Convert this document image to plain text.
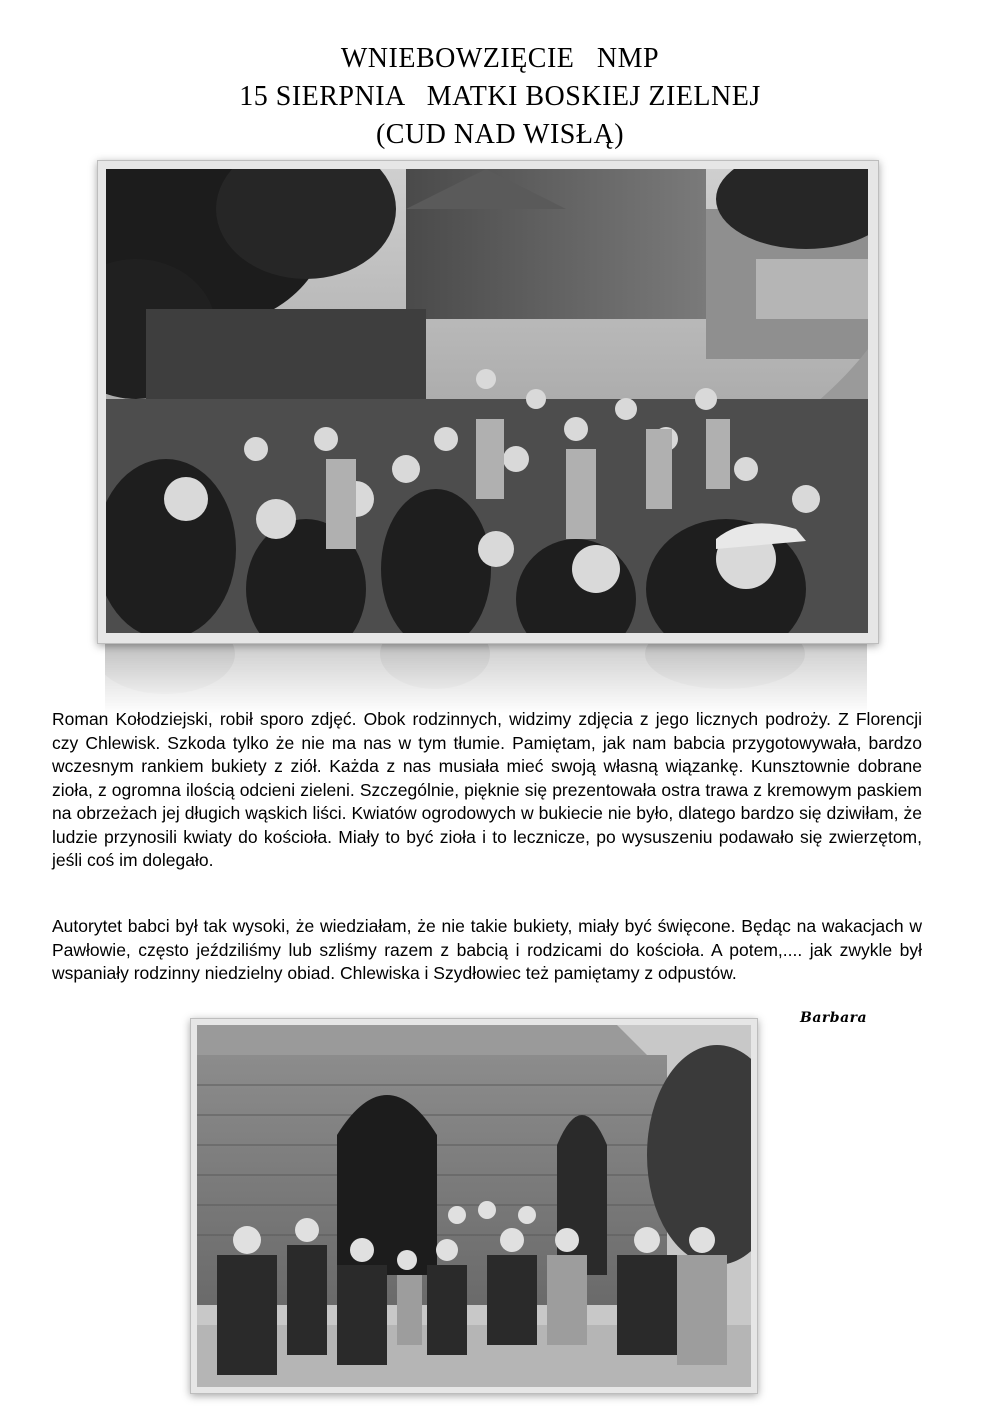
WNIEBOWZIĘCIE   NMP
15 SIERPNIA   MATKI BOSKIEJ ZIELNEJ
(CUD NAD WISŁĄ)

Roman Kołodziejski, robił sporo zdjęć. Obok rodzinnych, widzimy zdjęcia z jego licznych podroży. Z Florencji czy Chlewisk. Szkoda tylko że nie ma nas w tym tłumie. Pamiętam, jak nam babcia przygotowywała, bardzo wczesnym rankiem bukiety z ziół. Każda z nas musiała mieć swoją własną wiązankę. Kunsztownie dobrane zioła, z ogromna ilością odcieni zieleni. Szczególnie, pięknie się prezentowała ostra trawa z kremowym paskiem na obrzeżach jej długich wąskich liści. Kwiatów ogrodowych w bukiecie nie było, dlatego bardzo się dziwiłam, że ludzie przynosili kwiaty do kościoła. Miały to być zioła i to lecznicze, po wysuszeniu podawało się zwierzętom, jeśli coś im dolegało.

Autorytet babci był tak wysoki, że wiedziałam, że nie takie bukiety, miały być święcone. Będąc na wakacjach w Pawłowie, często jeździliśmy lub szliśmy razem z babcią i rodzicami do kościoła. A potem,.... jak zwykle był wspaniały rodzinny niedzielny obiad. Chlewiska i Szydłowiec też pamiętamy z odpustów.

Barbara
